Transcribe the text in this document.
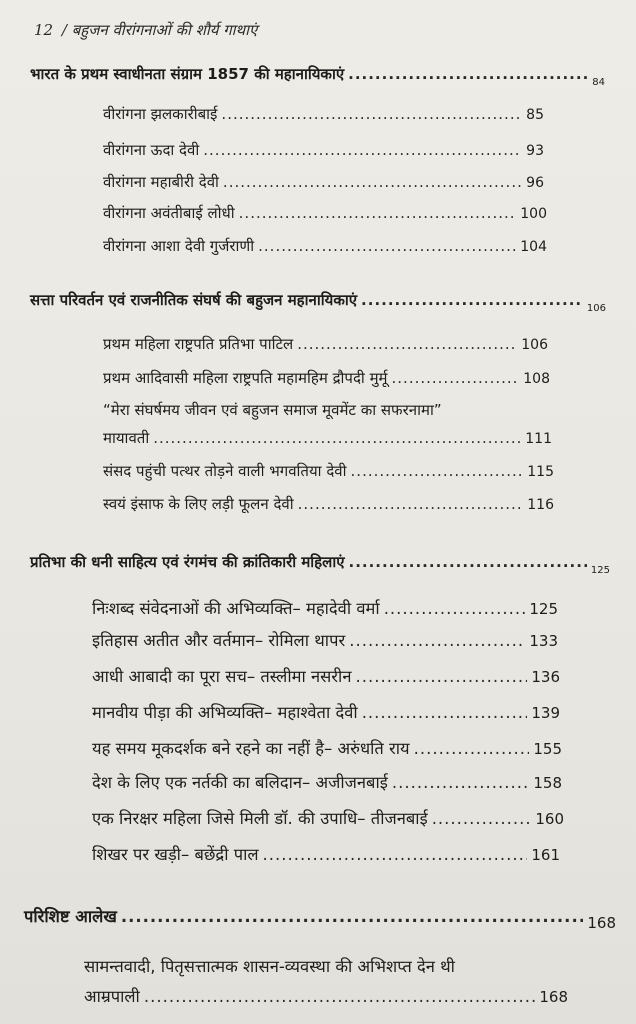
12 / बहुजन वीरांगनाओं की शौर्य गाथाएं
भारत के प्रथम स्वाधीनता संग्राम 1857 की महानायिकाएं .....	84
वीरांगना झलकारीबाई .....	85
वीरांगना ऊदा देवी .....	93
वीरांगना महाबीरी देवी .....	96
वीरांगना अवंतीबाई लोधी .....	100
वीरांगना आशा देवी गुर्जराणी .....	104
सत्ता परिवर्तन एवं राजनीतिक संघर्ष की बहुजन महानायिकाएं .....	106
प्रथम महिला राष्ट्रपति प्रतिभा पाटिल .....	106
प्रथम आदिवासी महिला राष्ट्रपति महामहिम द्रौपदी मुर्मू .....	108
“मेरा संघर्षमय जीवन एवं बहुजन समाज मूवमेंट का सफरनामा”
मायावती .....	111
संसद पहुंची पत्थर तोड़ने वाली भगवतिया देवी .....	115
स्वयं इंसाफ के लिए लड़ी फूलन देवी .....	116
प्रतिभा की धनी साहित्य एवं रंगमंच की क्रांतिकारी महिलाएं .....	125
निःशब्द संवेदनाओं की अभिव्यक्ति– महादेवी वर्मा .....	125
इतिहास अतीत और वर्तमान– रोमिला थापर .....	133
आधी आबादी का पूरा सच– तस्लीमा नसरीन .....	136
मानवीय पीड़ा की अभिव्यक्ति– महाश्वेता देवी .....	139
यह समय मूकदर्शक बने रहने का नहीं है– अरुंधति राय .....	155
देश के लिए एक नर्तकी का बलिदान– अजीजनबाई .....	158
एक निरक्षर महिला जिसे मिली डॉ. की उपाधि– तीजनबाई .....	160
शिखर पर खड़ी– बछेंद्री पाल .....	161
परिशिष्ट आलेख .....	168
सामन्तवादी, पितृसत्तात्मक शासन-व्यवस्था की अभिशप्त देन थी
आम्रपाली .....	168
